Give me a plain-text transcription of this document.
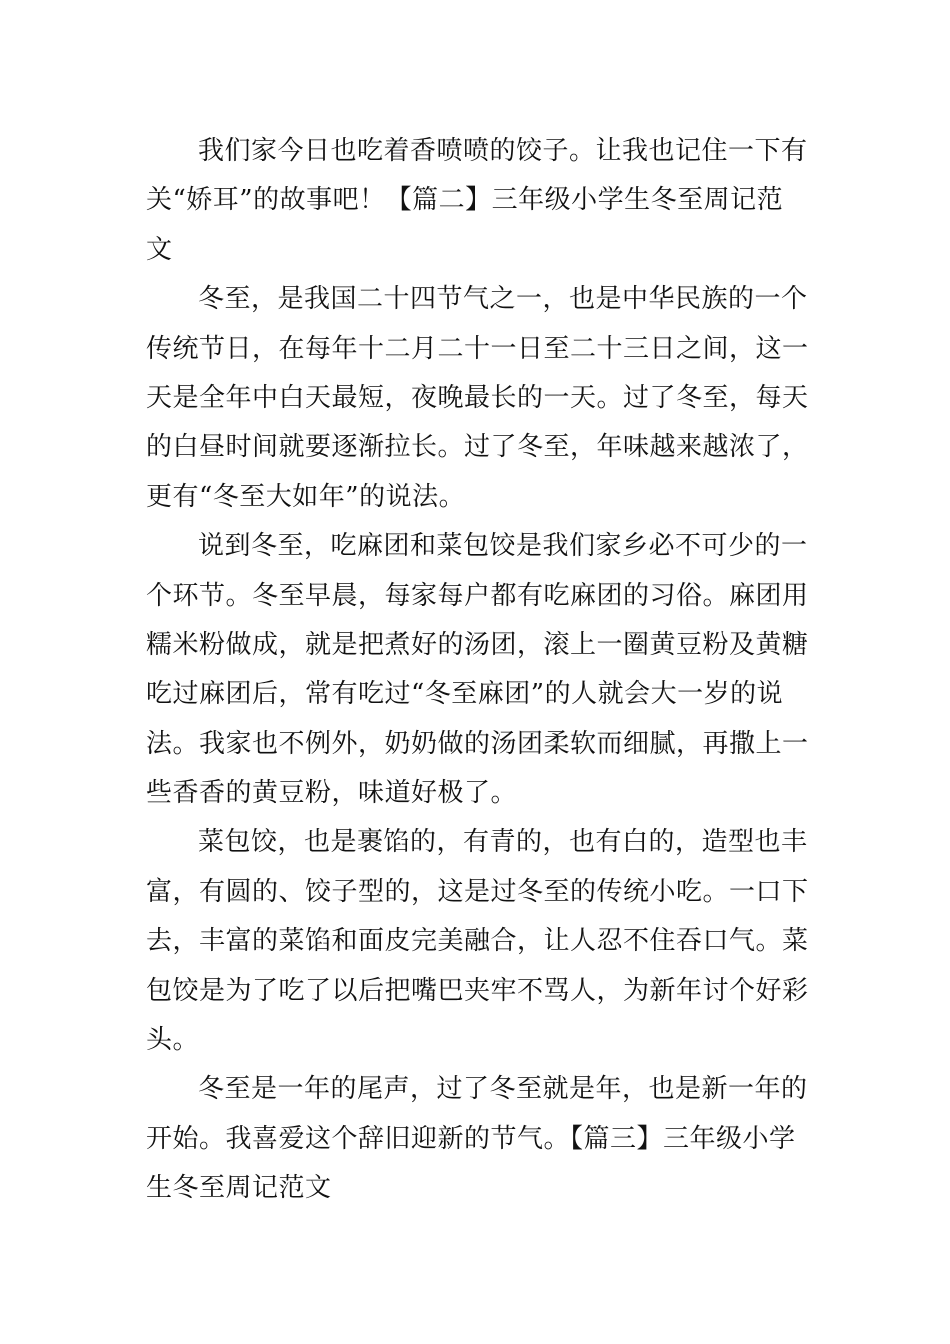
我们家今日也吃着香喷喷的饺子。让我也记住一下有
关“娇耳”的故事吧！【篇二】三年级小学生冬至周记范
文
冬至，是我国二十四节气之一，也是中华民族的一个
传统节日，在每年十二月二十一日至二十三日之间，这一
天是全年中白天最短，夜晚最长的一天。过了冬至，每天
的白昼时间就要逐渐拉长。过了冬至，年味越来越浓了，
更有“冬至大如年”的说法。
说到冬至，吃麻团和菜包饺是我们家乡必不可少的一
个环节。冬至早晨，每家每户都有吃麻团的习俗。麻团用
糯米粉做成，就是把煮好的汤团，滚上一圈黄豆粉及黄糖
吃过麻团后，常有吃过“冬至麻团”的人就会大一岁的说
法。我家也不例外，奶奶做的汤团柔软而细腻，再撒上一
些香香的黄豆粉，味道好极了。
菜包饺，也是裹馅的，有青的，也有白的，造型也丰
富，有圆的、饺子型的，这是过冬至的传统小吃。一口下
去，丰富的菜馅和面皮完美融合，让人忍不住吞口气。菜
包饺是为了吃了以后把嘴巴夹牢不骂人，为新年讨个好彩
头。
冬至是一年的尾声，过了冬至就是年，也是新一年的
开始。我喜爱这个辞旧迎新的节气。【篇三】三年级小学
生冬至周记范文
